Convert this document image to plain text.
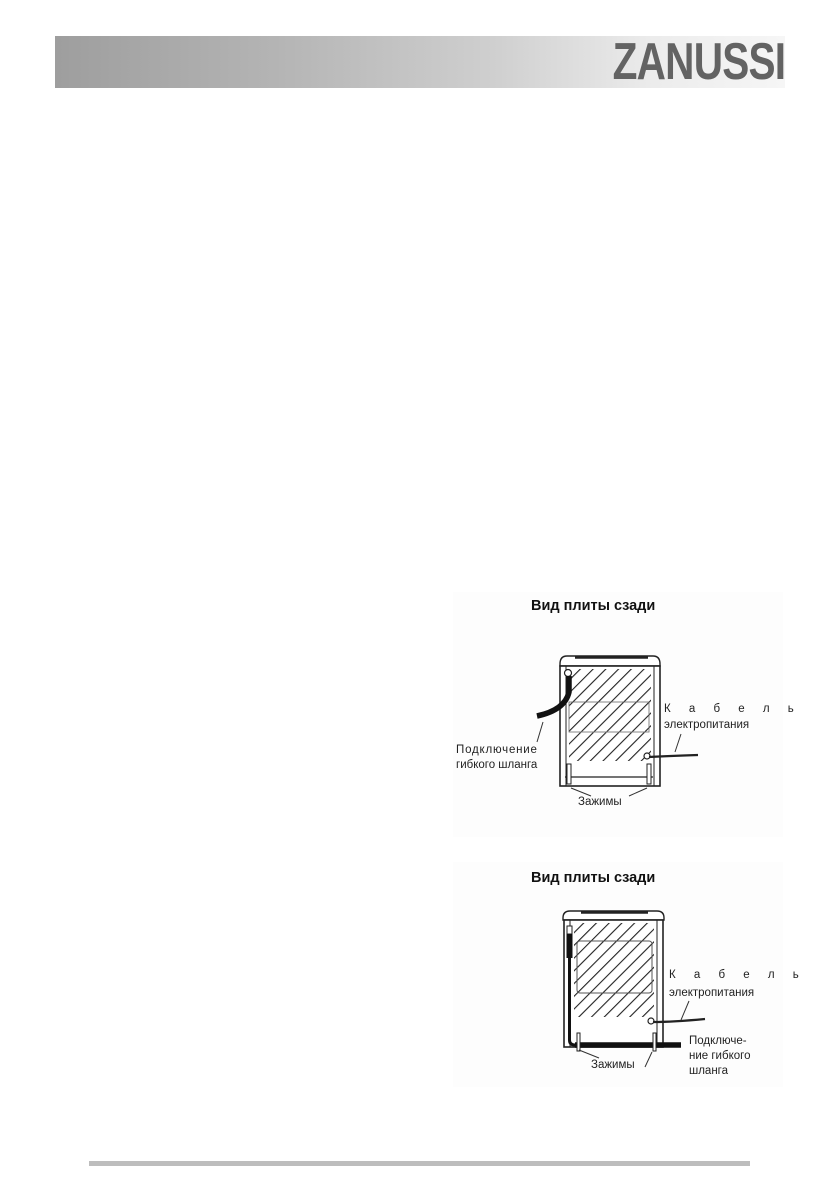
ZANUSSI
Вид плиты сзади
К а б е л ь
электропитания
Подключение
гибкого шланга
Зажимы
Вид плиты сзади
К а б е л ь
электропитания
Подключе-
ние гибкого
шланга
Зажимы
